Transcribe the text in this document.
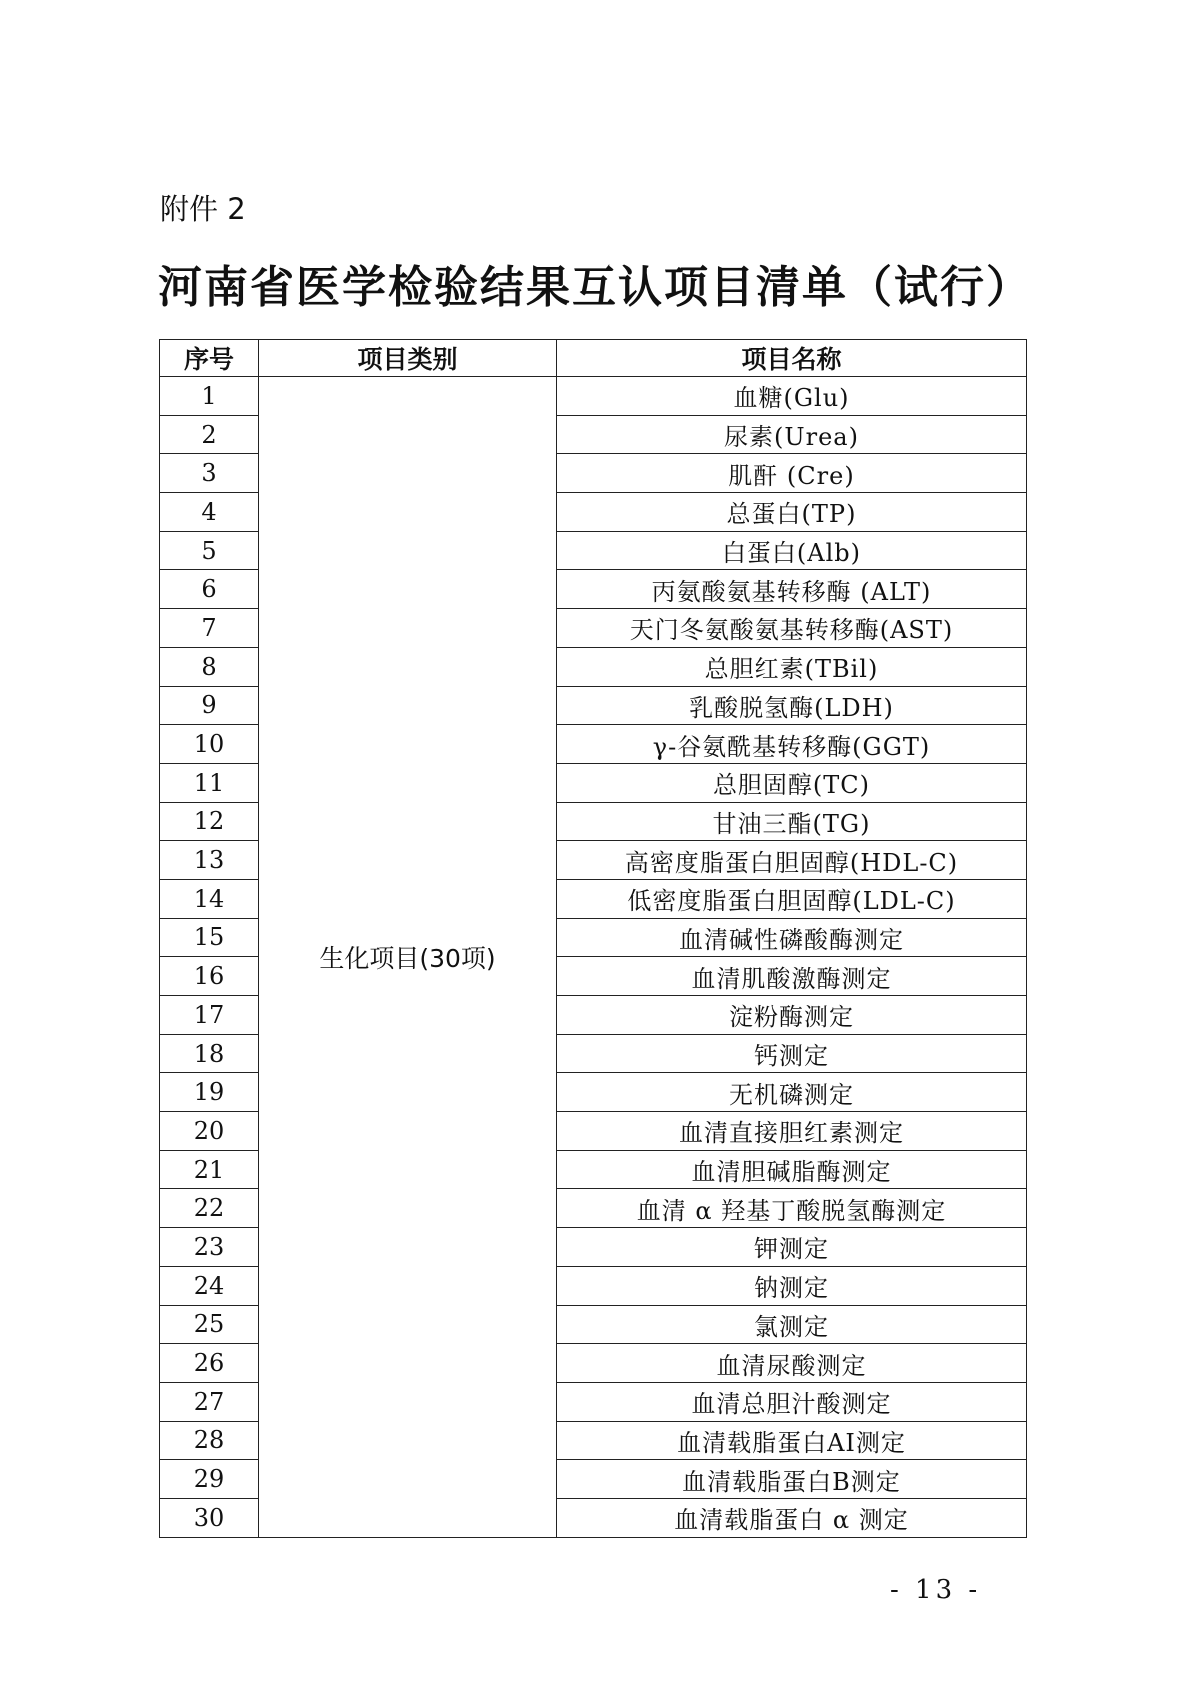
附件 2
河南省医学检验结果互认项目清单（试行）
序号	项目类别	项目名称
1	生化项目(30项)	血糖(Glu)
2		尿素(Urea)
3		肌酐 (Cre)
4		总蛋白(TP)
5		白蛋白(Alb)
6		丙氨酸氨基转移酶 (ALT)
7		天门冬氨酸氨基转移酶(AST)
8		总胆红素(TBil)
9		乳酸脱氢酶(LDH)
10		γ-谷氨酰基转移酶(GGT)
11		总胆固醇(TC)
12		甘油三酯(TG)
13		高密度脂蛋白胆固醇(HDL-C)
14		低密度脂蛋白胆固醇(LDL-C)
15		血清碱性磷酸酶测定
16		血清肌酸激酶测定
17		淀粉酶测定
18		钙测定
19		无机磷测定
20		血清直接胆红素测定
21		血清胆碱脂酶测定
22		血清 α 羟基丁酸脱氢酶测定
23		钾测定
24		钠测定
25		氯测定
26		血清尿酸测定
27		血清总胆汁酸测定
28		血清载脂蛋白AⅠ测定
29		血清载脂蛋白B测定
30		血清载脂蛋白 α 测定
- 13 -
